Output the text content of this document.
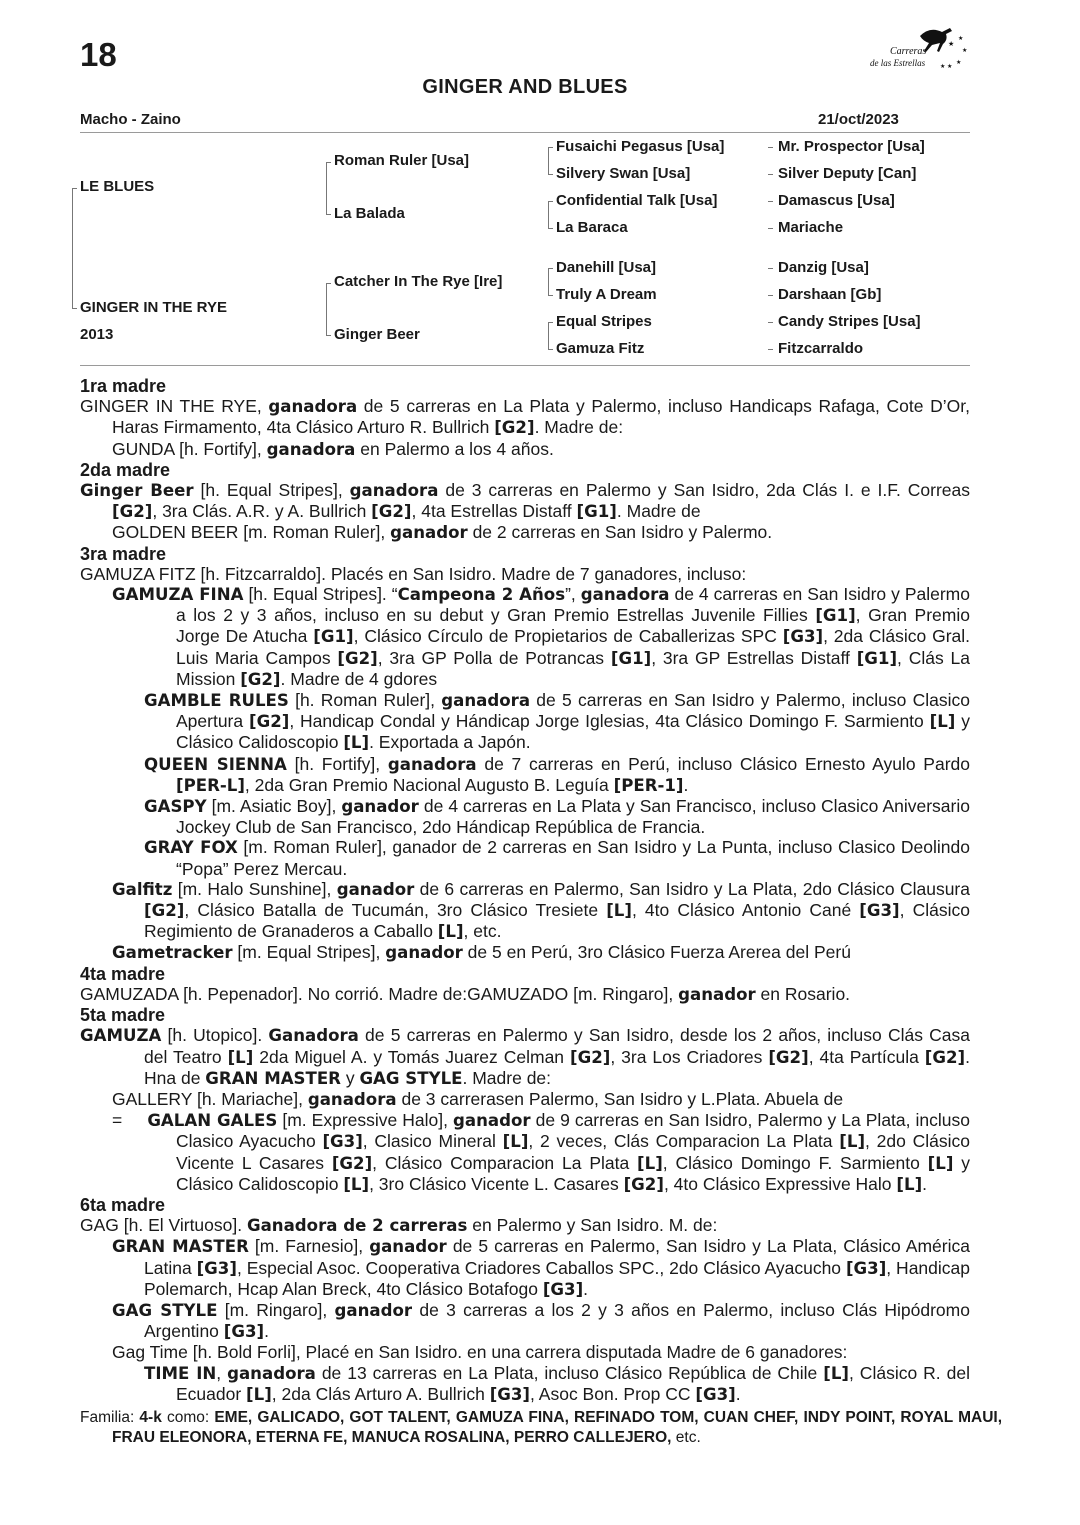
18	Carreras
de las Estrellas
★
★
★
★
★ ★
GINGER AND BLUES
Macho - Zaino	21/oct/2023
LE BLUES
GINGER IN THE RYE
2013
Roman Ruler [Usa]
La Balada
Catcher In The Rye [Ire]
Ginger Beer
Fusaichi Pegasus [Usa]
Silvery Swan [Usa]
Confidential Talk [Usa]
La Baraca
Danehill [Usa]
Truly A Dream
Equal Stripes
Gamuza Fitz
Mr. Prospector [Usa]
Silver Deputy [Can]
Damascus [Usa]
Mariache
Danzig [Usa]
Darshaan [Gb]
Candy Stripes [Usa]
Fitzcarraldo
1ra madre
GINGER IN THE RYE, ganadora de 5 carreras en La Plata y Palermo, incluso Handicaps Rafaga, Cote D’Or, Haras Firmamento, 4ta Clásico Arturo R. Bullrich [G2]. Madre de:
GUNDA [h. Fortify], ganadora en Palermo a los 4 años.
2da madre
Ginger Beer [h. Equal Stripes], ganadora de 3 carreras en Palermo y San Isidro, 2da Clás I. e I.F. Correas [G2], 3ra Clás. A.R. y A. Bullrich [G2], 4ta Estrellas Distaff [G1]. Madre de
GOLDEN BEER [m. Roman Ruler], ganador de 2 carreras en San Isidro y Palermo.
3ra madre
GAMUZA FITZ [h. Fitzcarraldo]. Placés en San Isidro. Madre de 7 ganadores, incluso:
GAMUZA FINA [h. Equal Stripes]. “Campeona 2 Años”, ganadora de 4 carreras en San Isidro y Palermo a los 2 y 3 años, incluso en su debut y Gran Premio Estrellas Juvenile Fillies [G1], Gran Premio Jorge De Atucha [G1], Clásico Círculo de Propietarios de Caballerizas SPC [G3], 2da Clásico Gral. Luis Maria Campos [G2], 3ra GP Polla de Potrancas [G1], 3ra GP Estrellas Distaff [G1], Clás La Mission [G2]. Madre de 4 gdores
GAMBLE RULES [h. Roman Ruler], ganadora de 5 carreras en San Isidro y Palermo, incluso Clasico Apertura [G2], Handicap Condal y Hándicap Jorge Iglesias, 4ta Clásico Domingo F. Sarmiento [L] y Clásico Calidoscopio [L]. Exportada a Japón.
QUEEN SIENNA [h. Fortify], ganadora de 7 carreras en Perú, incluso Clásico Ernesto Ayulo Pardo [PER-L], 2da Gran Premio Nacional Augusto B. Leguía [PER-1].
GASPY [m. Asiatic Boy], ganador de 4 carreras en La Plata y San Francisco, incluso Clasico Aniversario Jockey Club de San Francisco, 2do Hándicap República de Francia.
GRAY FOX [m. Roman Ruler], ganador de 2 carreras en San Isidro y La Punta, incluso Clasico Deolindo “Popa” Perez Mercau.
Galfitz [m. Halo Sunshine], ganador de 6 carreras en Palermo, San Isidro y La Plata, 2do Clásico Clausura [G2], Clásico Batalla de Tucumán, 3ro Clásico Tresiete [L], 4to Clásico Antonio Cané [G3], Clásico Regimiento de Granaderos a Caballo [L], etc.
Gametracker [m. Equal Stripes], ganador de 5 en Perú, 3ro Clásico Fuerza Arerea del Perú
4ta madre
GAMUZADA [h. Pepenador]. No corrió. Madre de:GAMUZADO [m. Ringaro], ganador en Rosario.
5ta madre
GAMUZA [h. Utopico]. Ganadora de 5 carreras en Palermo y San Isidro, desde los 2 años, incluso Clás Casa del Teatro [L] 2da Miguel A. y Tomás Juarez Celman [G2], 3ra Los Criadores [G2], 4ta Partícula [G2]. Hna de GRAN MASTER y GAG STYLE. Madre de:
GALLERY [h. Mariache], ganadora de 3 carrerasen Palermo, San Isidro y L.Plata. Abuela de
=     GALAN GALES [m. Expressive Halo], ganador de 9 carreras en San Isidro, Palermo y La Plata, incluso Clasico Ayacucho [G3], Clasico Mineral [L], 2 veces, Clás Comparacion La Plata [L], 2do Clásico Vicente L Casares [G2], Clásico Comparacion La Plata [L], Clásico Domingo F. Sarmiento [L] y Clásico Calidoscopio [L], 3ro Clásico Vicente L. Casares [G2], 4to Clásico Expressive Halo [L].
6ta madre
GAG [h. El Virtuoso]. Ganadora de 2 carreras en Palermo y San Isidro. M. de:
GRAN MASTER [m. Farnesio], ganador de 5 carreras en Palermo, San Isidro y La Plata, Clásico América Latina [G3], Especial Asoc. Cooperativa Criadores Caballos SPC., 2do Clásico Ayacucho [G3], Handicap Polemarch, Hcap Alan Breck, 4to Clásico Botafogo [G3].
GAG STYLE [m. Ringaro], ganador de 3 carreras a los 2 y 3 años en Palermo, incluso Clás Hipódromo Argentino [G3].
Gag Time [h. Bold Forli], Placé en San Isidro. en una carrera disputada Madre de 6 ganadores:
TIME IN, ganadora de 13 carreras en La Plata, incluso Clásico República de Chile [L], Clásico R. del Ecuador [L], 2da Clás Arturo A. Bullrich [G3], Asoc Bon. Prop CC [G3].
Familia: 4-k como: EME, GALICADO, GOT TALENT, GAMUZA FINA, REFINADO TOM, CUAN CHEF, INDY POINT, ROYAL MAUI, FRAU ELEONORA, ETERNA FE, MANUCA ROSALINA, PERRO CALLEJERO, etc.
